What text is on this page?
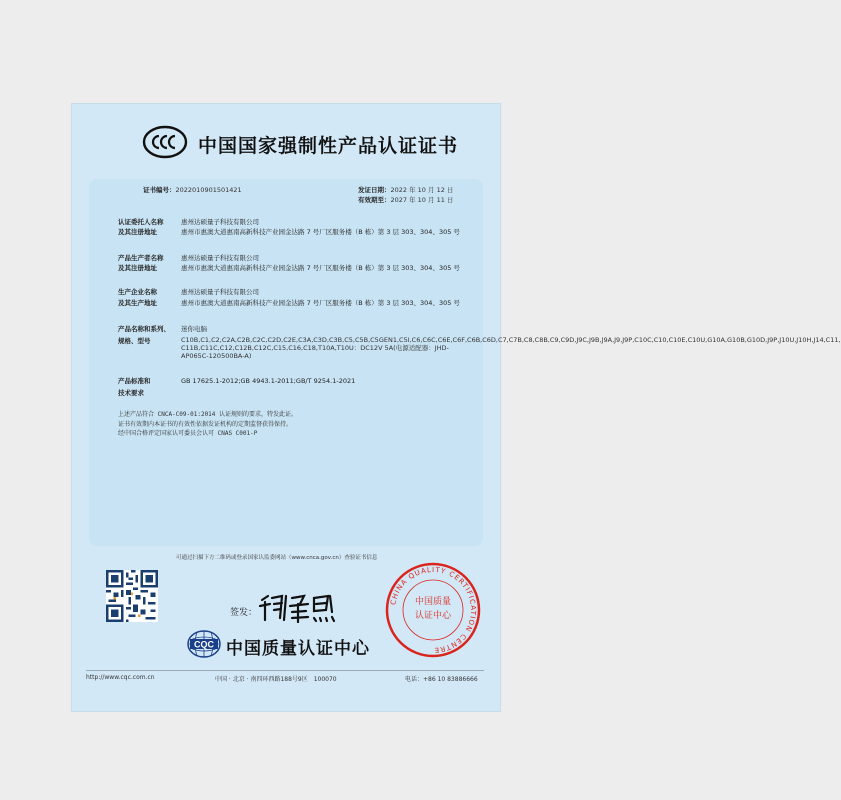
中国国家强制性产品认证证书
证书编号：2022010901501421	发证日期：2022 年 10 月 12 日
有效期至：2027 年 10 月 11 日
认证委托人名称	惠州达硕量子科技有限公司
及其注册地址	惠州市惠澳大道惠南高新科技产业园金达路 7 号厂区服务楼（B 栋）第 3 层 303、304、305 号
产品生产者名称	惠州达硕量子科技有限公司
及其注册地址	惠州市惠澳大道惠南高新科技产业园金达路 7 号厂区服务楼（B 栋）第 3 层 303、304、305 号
生产企业名称	惠州达硕量子科技有限公司
及其生产地址	惠州市惠澳大道惠南高新科技产业园金达路 7 号厂区服务楼（B 栋）第 3 层 303、304、305 号
产品名称和系列、 迷你电脑
规格、型号	C10B,C1,C2,C2A,C2B,C2C,C2D,C2E,C3A,C3D,C3B,C5,C5B,C5GEN1,C5I,C6,C6C,C6E,C6F,C6B,C6D,C7,C7B,C8,C8B,C9,C9D,J9C,J9B,J9A,J9,J9P,C10C,C10,C10E,C10U,G10A,G10B,G10D,J9P,J10U,J10H,J14,C11, C11B,C11C,C12,C12B,C12C,C15,C16,C18,T10A,T10U：DC12V 5A(电源适配器：JHD-AP065C-120500BA-A)
产品标准和	GB 17625.1-2012;GB 4943.1-2011;GB/T 9254.1-2021
技术要求
上述产品符合 CNCA-C09-01:2014 认证规则的要求，特发此证。
证书有效期内本证书的有效性依据发证机构的定期监督获得保持。
经中国合格评定国家认可委员会认可 CNAS C001-P
可通过扫描下方二维码或登录国家认监委网站（www.cnca.gov.cn）查验证书信息
签发：
CHINA QUALITY CERTIFICATION CENTRE
中国质量
认证中心
CQC 中国质量认证中心
http://www.cqc.com.cn	中国 · 北京 · 南四环西路188号9区　100070	电话：+86 10 83886666
